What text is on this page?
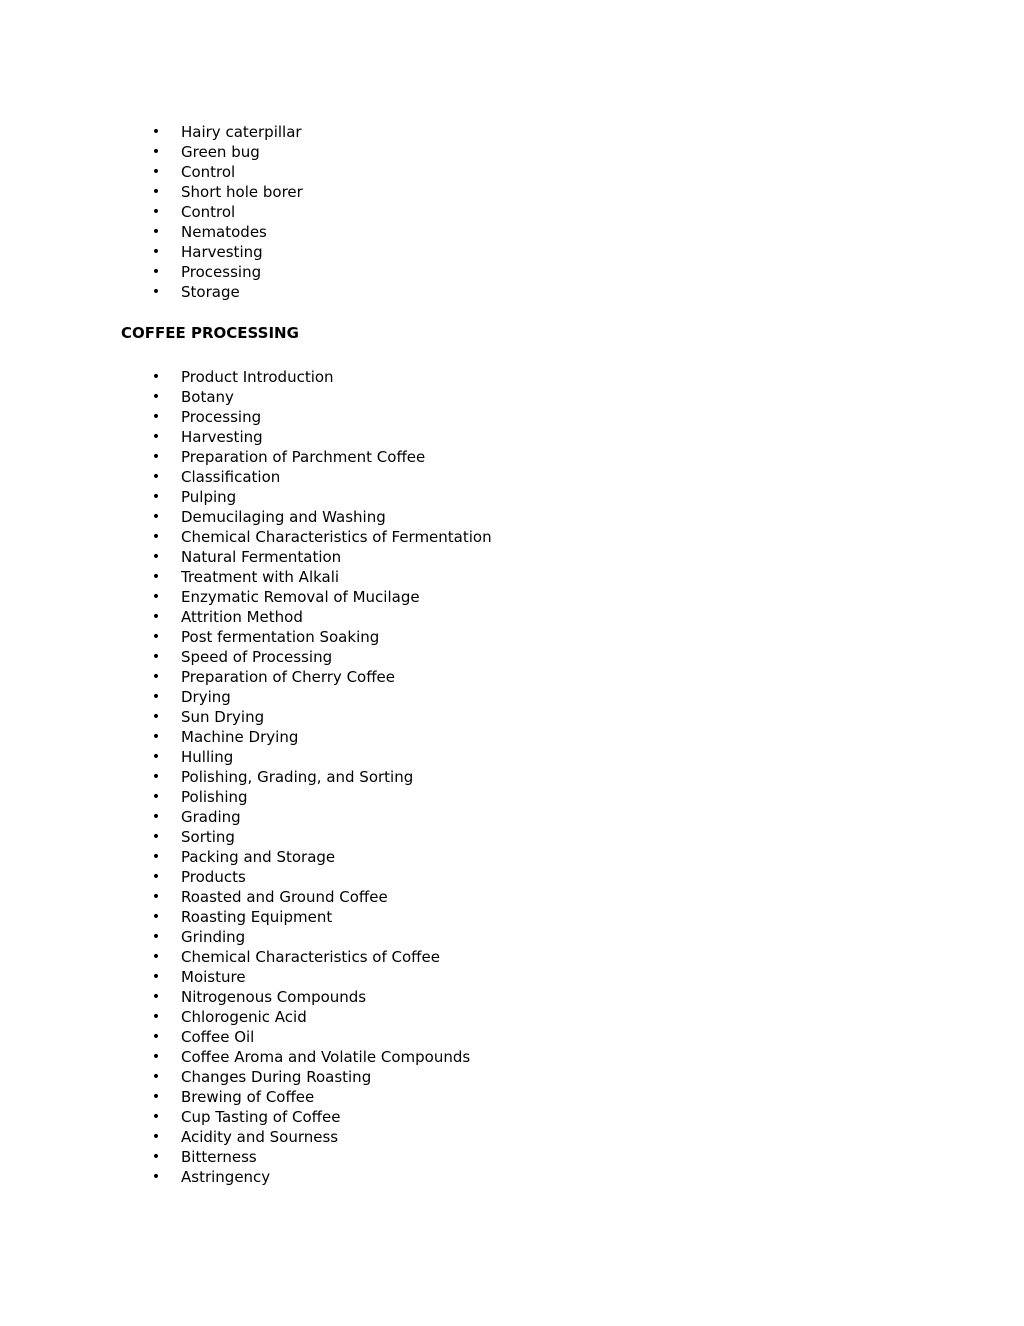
• Hairy caterpillar
• Green bug
• Control
• Short hole borer
• Control
• Nematodes
• Harvesting
• Processing
• Storage
COFFEE PROCESSING
• Product Introduction
• Botany
• Processing
• Harvesting
• Preparation of Parchment Coffee
• Classification
• Pulping
• Demucilaging and Washing
• Chemical Characteristics of Fermentation
• Natural Fermentation
• Treatment with Alkali
• Enzymatic Removal of Mucilage
• Attrition Method
• Post fermentation Soaking
• Speed of Processing
• Preparation of Cherry Coffee
• Drying
• Sun Drying
• Machine Drying
• Hulling
• Polishing, Grading, and Sorting
• Polishing
• Grading
• Sorting
• Packing and Storage
• Products
• Roasted and Ground Coffee
• Roasting Equipment
• Grinding
• Chemical Characteristics of Coffee
• Moisture
• Nitrogenous Compounds
• Chlorogenic Acid
• Coffee Oil
• Coffee Aroma and Volatile Compounds
• Changes During Roasting
• Brewing of Coffee
• Cup Tasting of Coffee
• Acidity and Sourness
• Bitterness
• Astringency
